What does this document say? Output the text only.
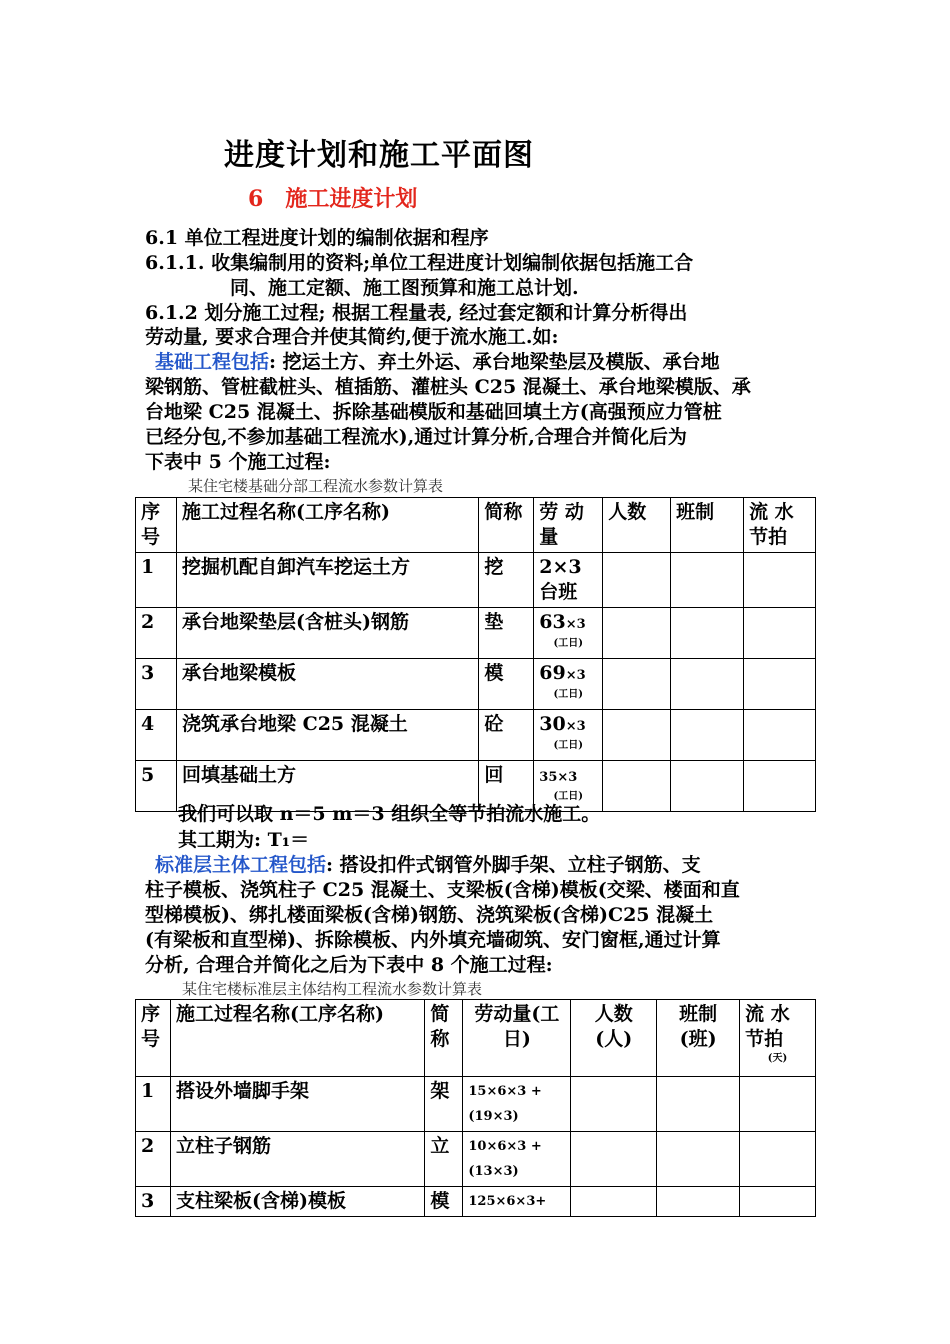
进度计划和施工平面图
6 施工进度计划
6.1 单位工程进度计划的编制依据和程序
6.1.1. 收集编制用的资料;单位工程进度计划编制依据包括施工合
同、施工定额、施工图预算和施工总计划.
6.1.2 划分施工过程; 根据工程量表, 经过套定额和计算分析得出
劳动量, 要求合理合并使其简约,便于流水施工.如:
基础工程包括: 挖运土方、弃土外运、承台地梁垫层及模版、承台地
梁钢筋、管桩截桩头、植插筋、灌桩头 C25 混凝土、承台地梁模版、承
台地梁 C25 混凝土、拆除基础模版和基础回填土方(高强预应力管桩
已经分包,不参加基础工程流水),通过计算分析,合理合并简化后为
下表中 5 个施工过程:
某住宅楼基础分部工程流水参数计算表
序号	施工过程名称(工序名称)	简称	劳 动 量	人数	班制	流 水 节拍
1	挖掘机配自卸汽车挖运土方	挖	2×3
台班			

2	承台地梁垫层(含桩头)钢筋	垫	63×3
(工日)			

3	承台地梁模板	模	69×3
(工日)			

4	浇筑承台地梁 C25 混凝土	砼	30×3
(工日)			

5	回填基础土方	回	35×3
(工日)			

我们可以取 n＝5 m＝3 组织全等节拍流水施工。
其工期为: T₁＝
标准层主体工程包括: 搭设扣件式钢管外脚手架、立柱子钢筋、支
柱子模板、浇筑柱子 C25 混凝土、支梁板(含梯)模板(交梁、楼面和直
型梯模板)、绑扎楼面梁板(含梯)钢筋、浇筑梁板(含梯)C25 混凝土
(有梁板和直型梯)、拆除模板、内外填充墙砌筑、安门窗框,通过计算
分析, 合理合并简化之后为下表中 8 个施工过程:
某住宅楼标准层主体结构工程流水参数计算表
序号	施工过程名称(工序名称)	简称	劳动量(工日)	人数(人)	班制(班)	流 水 节拍
(天)

1	搭设外墙脚手架	架	15×6×3 +
(19×3)			

2	立柱子钢筋	立	10×6×3 +
(13×3)			

3	支柱梁板(含梯)模板	模	125×6×3+			
